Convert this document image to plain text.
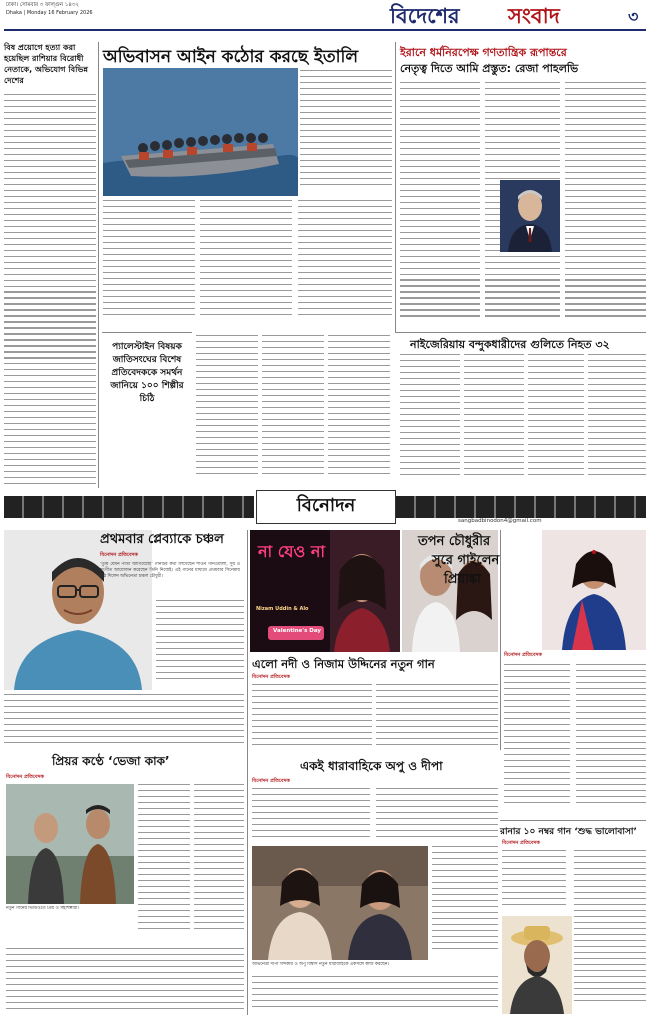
ঢাকা। সোমবার ৩ ফাল্গুন ১৪৩২
Dhaka | Monday 16 February 2026	বিদেশের সংবাদ	৩
বিষ প্রয়োগে হত্যা করা হয়েছিল রাশিয়ার বিরোধী নেতাকে, অভিযোগ বিভিন্ন দেশের
অভিবাসন আইন কঠোর করছে ইতালি	ইরানে ধর্মনিরপেক্ষ গণতান্ত্রিক রূপান্তরে
নেতৃত্ব দিতে আমি প্রস্তুত: রেজা পাহলভি
প্যালেস্টাইন বিষয়ক জাতিসংঘের বিশেষ প্রতিবেদককে সমর্থন জানিয়ে ১০০ শিল্পীর চিঠি
নাইজেরিয়ায় বন্দুকধারীদের গুলিতে নিহত ৩২
বিনোদন
sangbadbinodon4@gmail.com
প্রথমবার প্লেব্যাকে চঞ্চল
বিনোদন প্রতিবেদক
‘তুমি যেমন পাতা জাগিয়েছো’ গানটির কথা লিখেছেন শাওন গানওয়ালা, সুর ও সংগীত আয়োজন করেছেন তিনি নিজেই। এই গানের মাধ্যমে প্রথমবার সিনেমায় কণ্ঠ দিলেন অভিনেতা চঞ্চল চৌধুরী।
প্রিয়র কণ্ঠে ‘ভেজা কাক’
বিনোদন প্রতিবেদক
নতুন গানের ভিডিওতে প্রিয় ও সহশিল্পীরা।
না যেও না
Nizam Uddin & Alo
Valentine's Day
এলো নদী ও নিজাম উদ্দিনের নতুন গান
বিনোদন প্রতিবেদক
একই ধারাবাহিকে অপু ও দীপা
বিনোদন প্রতিবেদক
অভিনেত্রী দীপা খন্দকার ও অপু বিশ্বাস নতুন ধারাবাহিকে একসঙ্গে কাজ করছেন।
তপন চৌধুরীর
সুরে গাইলেন
প্রিয়াঙ্কা
বিনোদন প্রতিবেদক
রানার ১০ নম্বর গান ‘শুদ্ধ ভালোবাসা’
বিনোদন প্রতিবেদক
